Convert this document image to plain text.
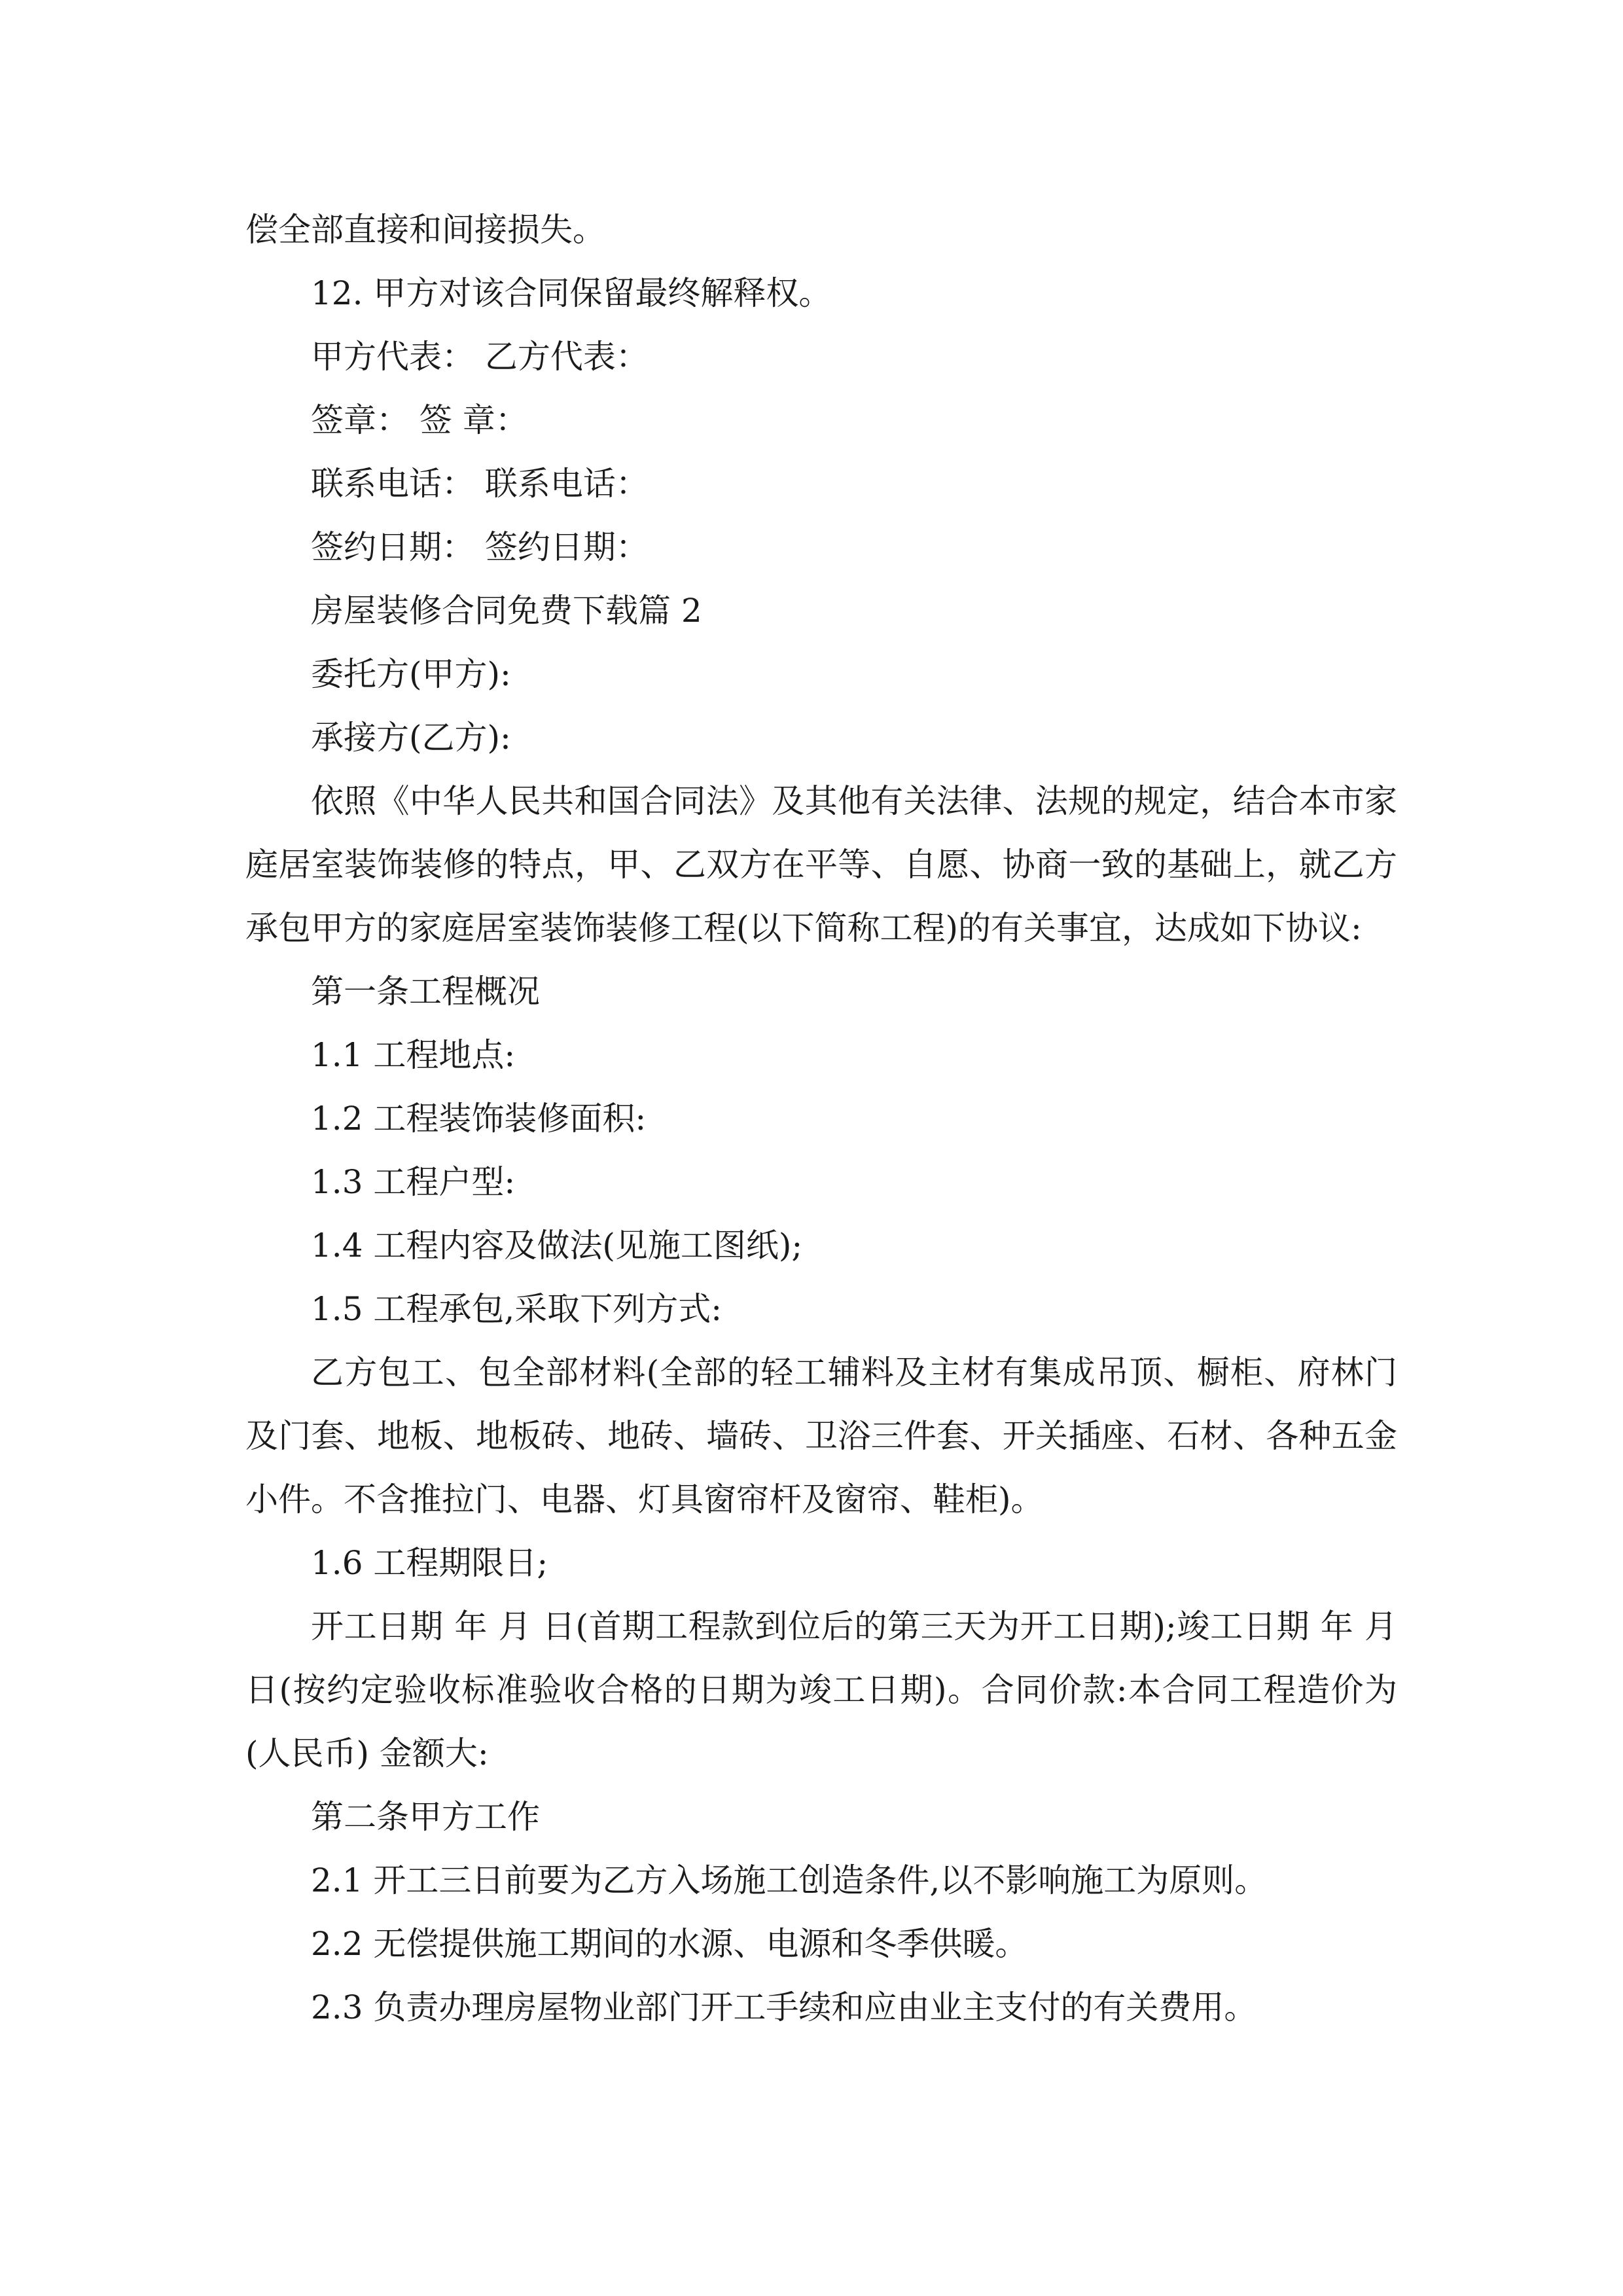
偿全部直接和间接损失。

12. 甲方对该合同保留最终解释权。

甲方代表： 乙方代表：

签章： 签 章：

联系电话： 联系电话：

签约日期： 签约日期：

房屋装修合同免费下载篇 2

委托方(甲方):

承接方(乙方):

依照《中华人民共和国合同法》及其他有关法律、法规的规定，结合本市家庭居室装饰装修的特点，甲、乙双方在平等、自愿、协商一致的基础上，就乙方承包甲方的家庭居室装饰装修工程(以下简称工程)的有关事宜，达成如下协议:

第一条工程概况

1.1 工程地点:

1.2 工程装饰装修面积:

1.3 工程户型:

1.4 工程内容及做法(见施工图纸);

1.5 工程承包,采取下列方式:

乙方包工、包全部材料(全部的轻工辅料及主材有集成吊顶、橱柜、府林门及门套、地板、地板砖、地砖、墙砖、卫浴三件套、开关插座、石材、各种五金小件。不含推拉门、电器、灯具窗帘杆及窗帘、鞋柜)。

1.6 工程期限日;

开工日期 年 月 日(首期工程款到位后的第三天为开工日期);竣工日期 年 月 日(按约定验收标准验收合格的日期为竣工日期)。合同价款:本合同工程造价为(人民币) 金额大:

第二条甲方工作

2.1 开工三日前要为乙方入场施工创造条件,以不影响施工为原则。

2.2 无偿提供施工期间的水源、电源和冬季供暖。

2.3 负责办理房屋物业部门开工手续和应由业主支付的有关费用。
